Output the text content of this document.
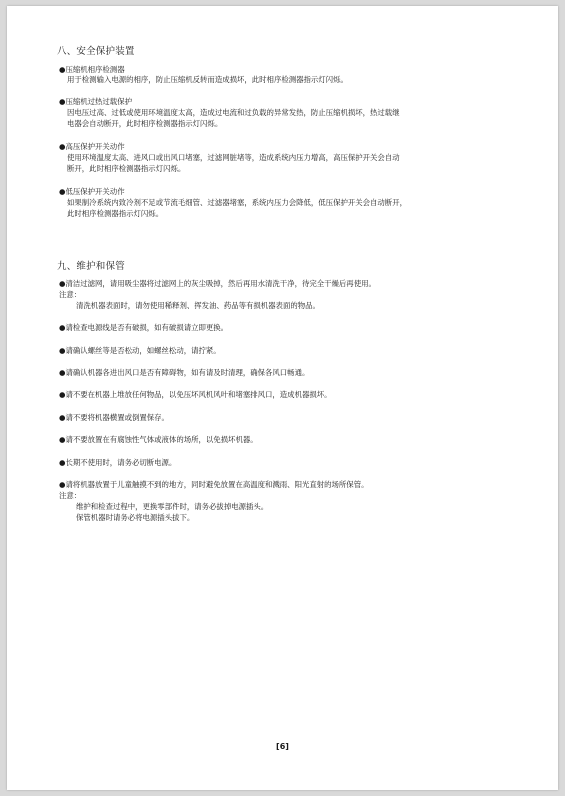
八、安全保护装置
●压缩机相序检测器
用于检测输入电源的相序，防止压缩机反转而造成损坏，此时相序检测器指示灯闪烁。
●压缩机过热过载保护
因电压过高、过低或使用环境温度太高，造成过电流和过负载的异常发热，防止压缩机损坏，热过载继
电器会自动断开，此时相序检测器指示灯闪烁。
●高压保护开关动作
使用环境温度太高、进风口或出风口堵塞，过滤网脏堵等，造成系统内压力增高，高压保护开关会自动
断开，此时相序检测器指示灯闪烁。
●低压保护开关动作
如果制冷系统内致冷剂不足或节流毛细管、过滤器堵塞，系统内压力会降低，低压保护开关会自动断开，
此时相序检测器指示灯闪烁。
九、维护和保管
●清洁过滤网，请用吸尘器将过滤网上的灰尘吸掉，然后再用水清洗干净，待完全干燥后再使用。
注意：
清洗机器表面时，请勿使用稀释剂、挥发油、药品等有损机器表面的物品。
●请检查电源线是否有破损，如有破损请立即更换。
●请确认螺丝等是否松动，如螺丝松动，请拧紧。
●请确认机器各进出风口是否有障碍物，如有请及时清理，确保各风口畅通。
●请不要在机器上堆放任何物品，以免压坏风机风叶和堵塞排风口，造成机器损坏。
●请不要将机器横置或倒置保存。
●请不要放置在有腐蚀性气体或液体的场所，以免损坏机器。
●长期不使用时，请务必切断电源。
●请将机器放置于儿童触摸不到的地方，同时避免放置在高温度和溅雨、阳光直射的场所保管。
注意：
维护和检查过程中，更换零部件时，请务必拔掉电源插头。
保管机器时请务必将电源插头拔下。
[6]
